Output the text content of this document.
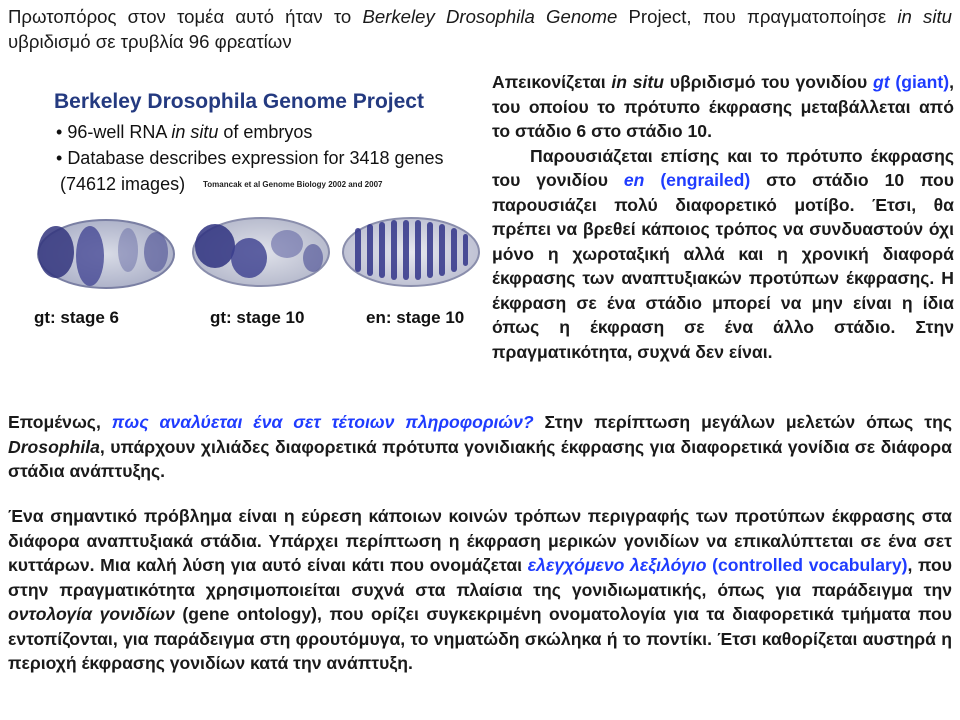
Πρωτοπόρος στον τομέα αυτό ήταν το Berkeley Drosophila Genome Project, που πραγματοποίησε in situ υβριδισμό σε τρυβλία 96 φρεατίων

Berkeley Drosophila Genome Project
• 96-well RNA in situ of embryos
• Database describes expression for 3418 genes
(74612 images) Tomancak et al Genome Biology 2002 and 2007
gt: stage 6	gt: stage 10	en: stage 10

Απεικονίζεται in situ υβριδισμό του γονιδίου gt (giant), του οποίου το πρότυπο έκφρασης μεταβάλλεται από το στάδιο 6 στο στάδιο 10.
Παρουσιάζεται επίσης και το πρότυπο έκφρασης του γονιδίου en (engrailed) στο στάδιο 10 που παρουσιάζει πολύ διαφορετικό μοτίβο. Έτσι, θα πρέπει να βρεθεί κάποιος τρόπος να συνδυαστούν όχι μόνο η χωροταξική αλλά και η χρονική διαφορά έκφρασης των αναπτυξιακών προτύπων έκφρασης. Η έκφραση σε ένα στάδιο μπορεί να μην είναι η ίδια όπως η έκφραση σε ένα άλλο στάδιο. Στην πραγματικότητα, συχνά δεν είναι.

Επομένως, πως αναλύεται ένα σετ τέτοιων πληροφοριών? Στην περίπτωση μεγάλων μελετών όπως της Drosophila, υπάρχουν χιλιάδες διαφορετικά πρότυπα γονιδιακής έκφρασης για διαφορετικά γονίδια σε διάφορα στάδια ανάπτυξης.

Ένα σημαντικό πρόβλημα είναι η εύρεση κάποιων κοινών τρόπων περιγραφής των προτύπων έκφρασης στα διάφορα αναπτυξιακά στάδια. Υπάρχει περίπτωση η έκφραση μερικών γονιδίων να επικαλύπτεται σε ένα σετ κυττάρων. Μια καλή λύση για αυτό είναι κάτι που ονομάζεται ελεγχόμενο λεξιλόγιο (controlled vocabulary), που στην πραγματικότητα χρησιμοποιείται συχνά στα πλαίσια της γονιδιωματικής, όπως για παράδειγμα την οντολογία γονιδίων (gene ontology), που ορίζει συγκεκριμένη ονοματολογία για τα διαφορετικά τμήματα που εντοπίζονται, για παράδειγμα στη φρουτόμυγα, το νηματώδη σκώληκα ή το ποντίκι. Έτσι καθορίζεται αυστηρά η περιοχή έκφρασης γονιδίων κατά την ανάπτυξη.
